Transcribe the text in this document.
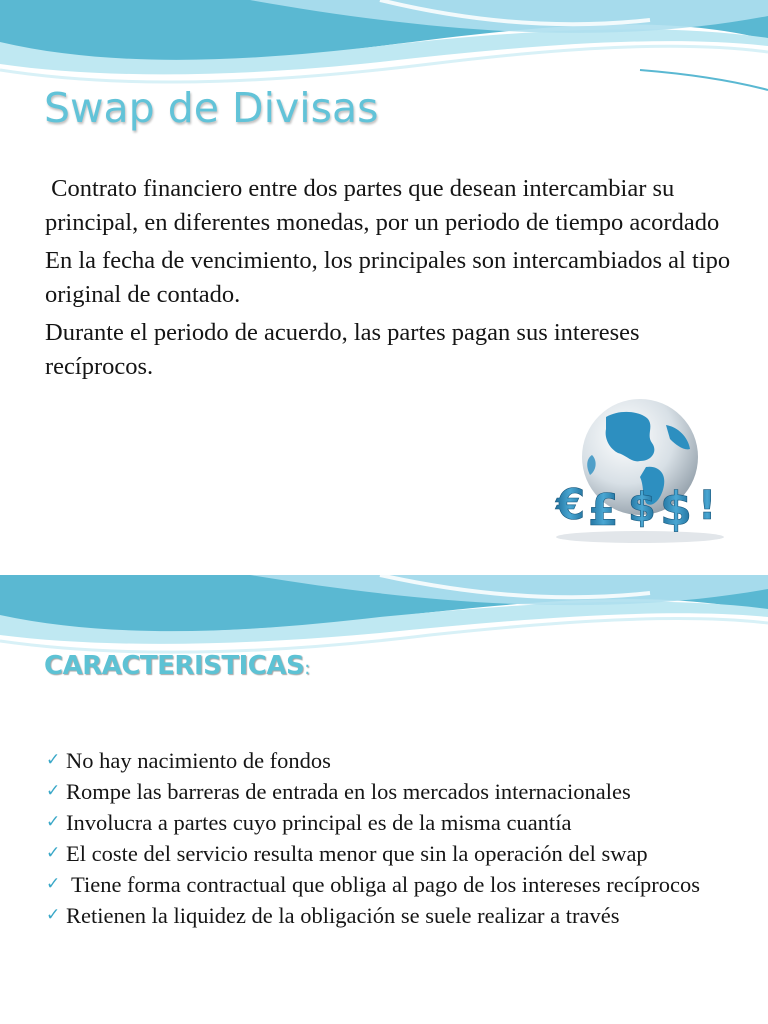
Swap de Divisas

Contrato financiero entre dos partes que desean intercambiar su principal, en diferentes monedas, por un periodo de tiempo acordado

En la fecha de vencimiento, los principales son intercambiados al tipo original de contado.

Durante el periodo de acuerdo, las partes pagan sus intereses recíprocos.

€ £ $ $ !
CARACTERISTICAS:
✓ No hay nacimiento de fondos
✓ Rompe las barreras de entrada en los mercados internacionales
✓ Involucra a partes cuyo principal es de la misma cuantía
✓ El coste del servicio resulta menor que sin la operación del swap
✓ Tiene forma contractual que obliga al pago de los intereses recíprocos
✓ Retienen la liquidez de la obligación se suele realizar a través
